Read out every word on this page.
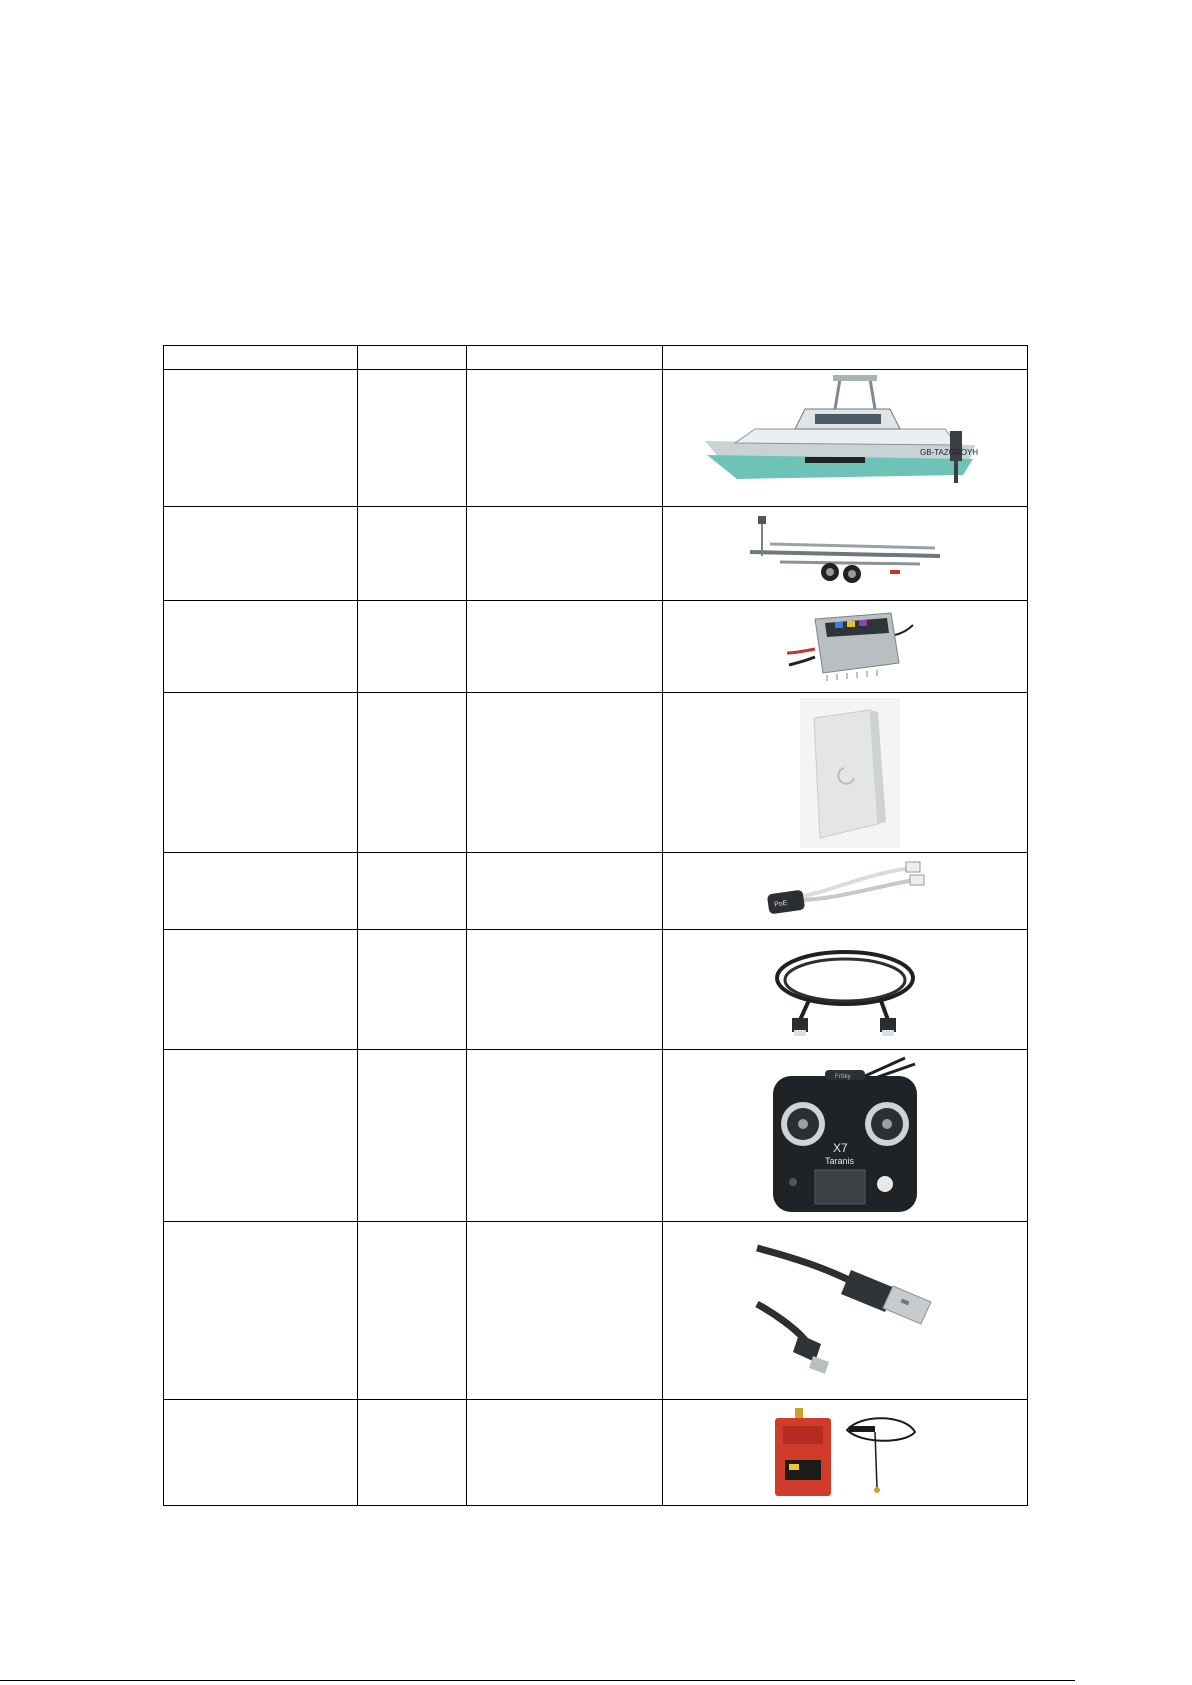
GB-TAZGROYH

PoE

FrSky
X7
Taranis
